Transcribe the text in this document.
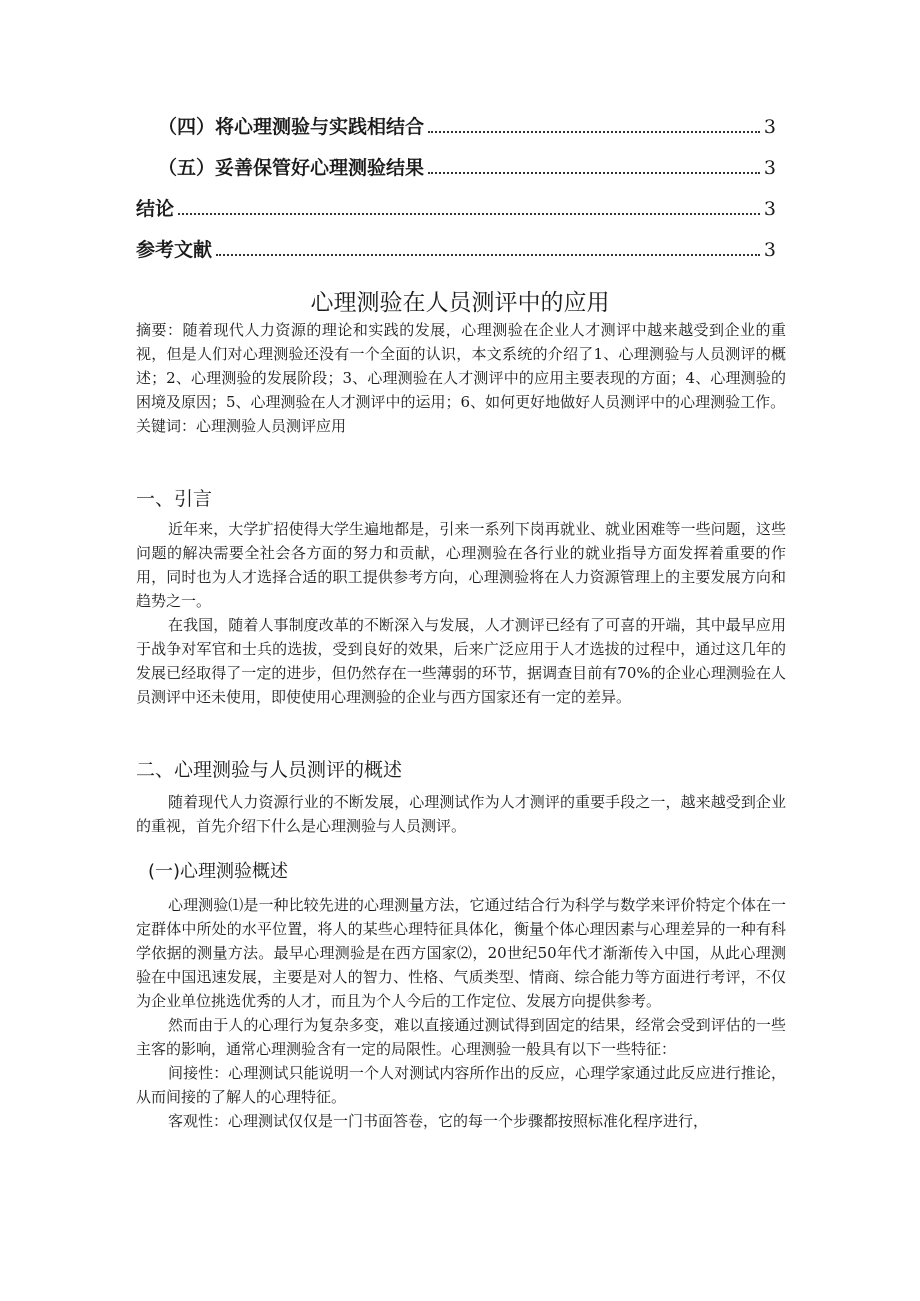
（四）将心理测验与实践相结合	3
（五）妥善保管好心理测验结果	3
结论	3
参考文献	3
心理测验在人员测评中的应用

摘要：随着现代人力资源的理论和实践的发展，心理测验在企业人才测评中越来越受到企业的重视，但是人们对心理测验还没有一个全面的认识，本文系统的介绍了1、心理测验与人员测评的概述；2、心理测验的发展阶段；3、心理测验在人才测评中的应用主要表现的方面；4、心理测验的困境及原因；5、心理测验在人才测评中的运用；6、如何更好地做好人员测评中的心理测验工作。

关键词：心理测验人员测评应用

一、引言

近年来，大学扩招使得大学生遍地都是，引来一系列下岗再就业、就业困难等一些问题，这些问题的解决需要全社会各方面的努力和贡献，心理测验在各行业的就业指导方面发挥着重要的作用，同时也为人才选择合适的职工提供参考方向，心理测验将在人力资源管理上的主要发展方向和趋势之一。

在我国，随着人事制度改革的不断深入与发展，人才测评已经有了可喜的开端，其中最早应用于战争对军官和士兵的选拔，受到良好的效果，后来广泛应用于人才选拔的过程中，通过这几年的发展已经取得了一定的进步，但仍然存在一些薄弱的环节，据调查目前有70%的企业心理测验在人员测评中还未使用，即使使用心理测验的企业与西方国家还有一定的差异。

二、心理测验与人员测评的概述

随着现代人力资源行业的不断发展，心理测试作为人才测评的重要手段之一，越来越受到企业的重视，首先介绍下什么是心理测验与人员测评。

(一)心理测验概述

心理测验⑴是一种比较先进的心理测量方法，它通过结合行为科学与数学来评价特定个体在一定群体中所处的水平位置，将人的某些心理特征具体化，衡量个体心理因素与心理差异的一种有科学依据的测量方法。最早心理测验是在西方国家⑵，20世纪50年代才渐渐传入中国，从此心理测验在中国迅速发展，主要是对人的智力、性格、气质类型、情商、综合能力等方面进行考评，不仅为企业单位挑选优秀的人才，而且为个人今后的工作定位、发展方向提供参考。

然而由于人的心理行为复杂多变，难以直接通过测试得到固定的结果，经常会受到评估的一些主客的影响，通常心理测验含有一定的局限性。心理测验一般具有以下一些特征：

间接性：心理测试只能说明一个人对测试内容所作出的反应，心理学家通过此反应进行推论，从而间接的了解人的心理特征。

客观性：心理测试仅仅是一门书面答卷，它的每一个步骤都按照标准化程序进行，
